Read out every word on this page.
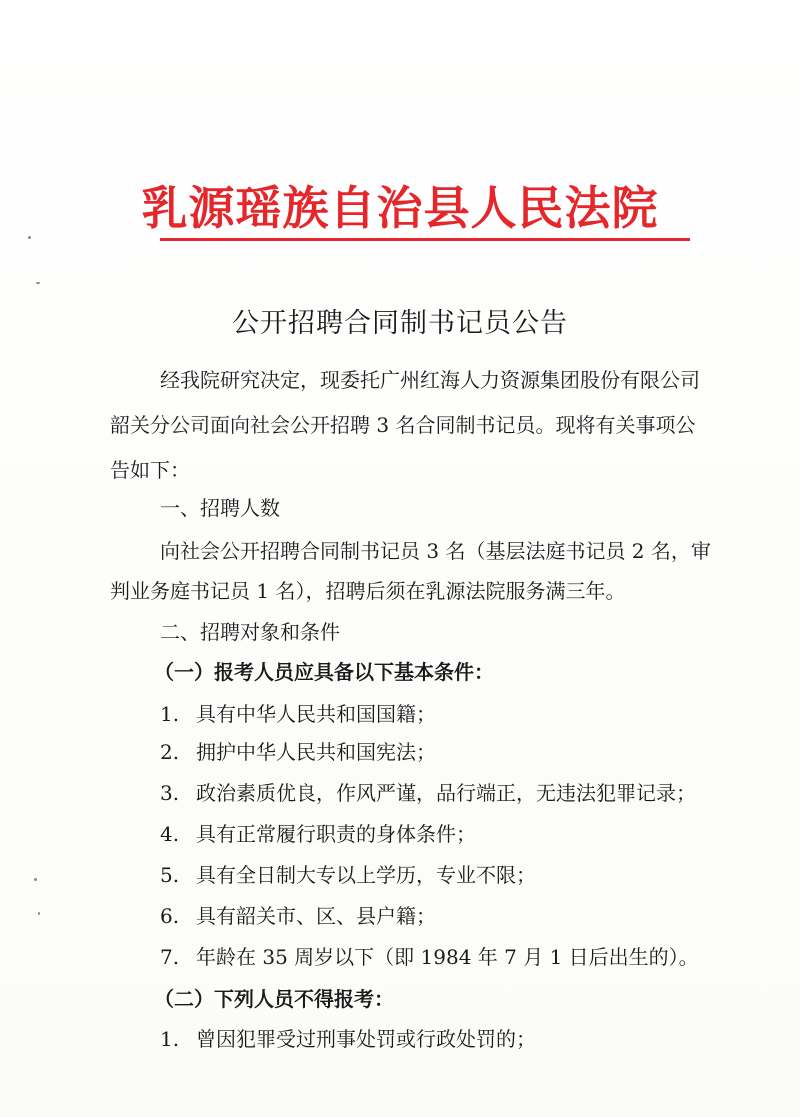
乳源瑶族自治县人民法院
公开招聘合同制书记员公告
经我院研究决定，现委托广州红海人力资源集团股份有限公司
韶关分公司面向社会公开招聘 3 名合同制书记员。现将有关事项公
告如下：
一、招聘人数
向社会公开招聘合同制书记员 3 名（基层法庭书记员 2 名，审
判业务庭书记员 1 名），招聘后须在乳源法院服务满三年。
二、招聘对象和条件
（一）报考人员应具备以下基本条件：
1. 具有中华人民共和国国籍；
2. 拥护中华人民共和国宪法；
3. 政治素质优良，作风严谨，品行端正，无违法犯罪记录；
4. 具有正常履行职责的身体条件；
5. 具有全日制大专以上学历，专业不限；
6. 具有韶关市、区、县户籍；
7. 年龄在 35 周岁以下（即 1984 年 7 月 1 日后出生的）。
（二）下列人员不得报考：
1. 曾因犯罪受过刑事处罚或行政处罚的；
